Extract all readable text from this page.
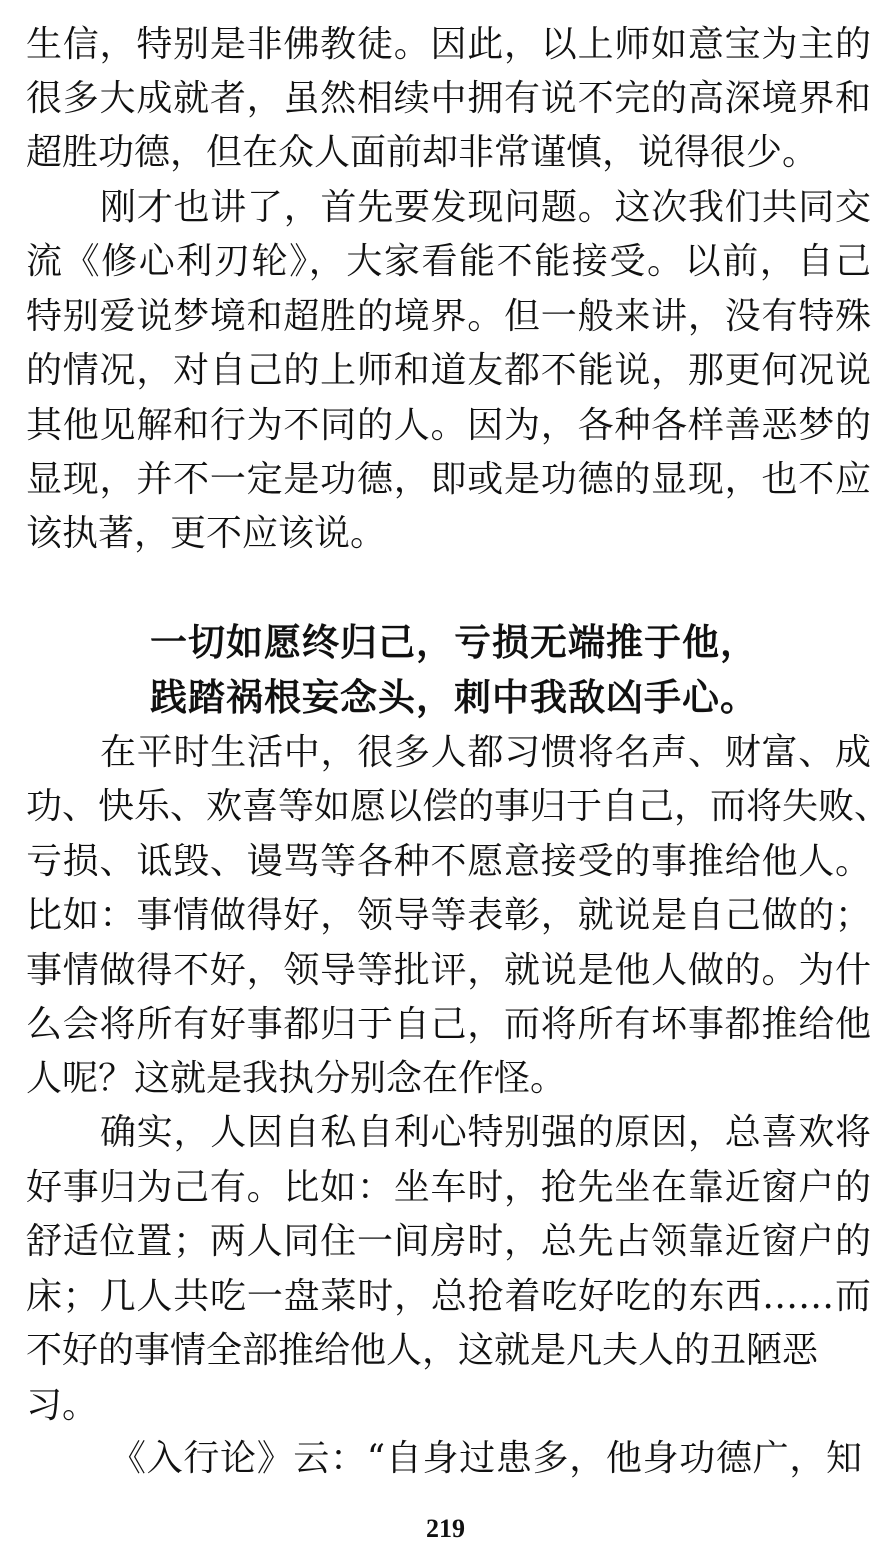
生信，特别是非佛教徒。因此，以上师如意宝为主的
很多大成就者，虽然相续中拥有说不完的高深境界和
超胜功德，但在众人面前却非常谨慎，说得很少。
刚才也讲了，首先要发现问题。这次我们共同交
流《修心利刃轮》，大家看能不能接受。以前，自己
特别爱说梦境和超胜的境界。但一般来讲，没有特殊
的情况，对自己的上师和道友都不能说，那更何况说
其他见解和行为不同的人。因为，各种各样善恶梦的
显现，并不一定是功德，即或是功德的显现，也不应
该执著，更不应该说。
一切如愿终归己，亏损无端推于他，
践踏祸根妄念头，刺中我敌凶手心。
在平时生活中，很多人都习惯将名声、财富、成
功、快乐、欢喜等如愿以偿的事归于自己，而将失败、
亏损、诋毁、谩骂等各种不愿意接受的事推给他人。
比如：事情做得好，领导等表彰，就说是自己做的；
事情做得不好，领导等批评，就说是他人做的。为什
么会将所有好事都归于自己，而将所有坏事都推给他
人呢？这就是我执分别念在作怪。
确实，人因自私自利心特别强的原因，总喜欢将
好事归为己有。比如：坐车时，抢先坐在靠近窗户的
舒适位置；两人同住一间房时，总先占领靠近窗户的
床；几人共吃一盘菜时，总抢着吃好吃的东西……而
不好的事情全部推给他人，这就是凡夫人的丑陋恶
习。
《入行论》云：“自身过患多，他身功德广，知
219
